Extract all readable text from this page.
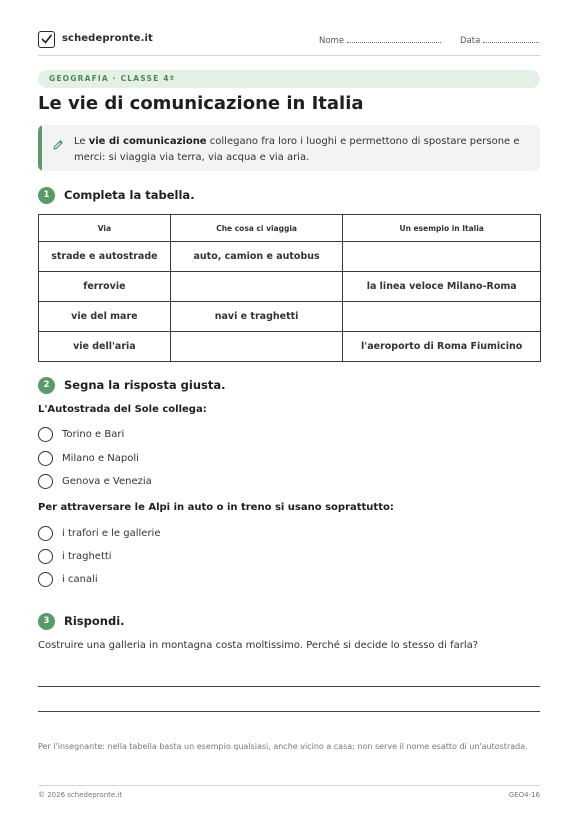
schedepronte.it	Nome	Data
GEOGRAFIA · CLASSE 4ª
Le vie di comunicazione in Italia

Le vie di comunicazione collegano fra loro i luoghi e permettono di spostare persone e merci: si viaggia via terra, via acqua e via aria.

1	Completa la tabella.
Via	Che cosa ci viaggia	Un esempio in Italia
strade e autostrade	auto, camion e autobus	
ferrovie		la linea veloce Milano-Roma
vie del mare	navi e traghetti	
vie dell'aria		l'aeroporto di Roma Fiumicino
2	Segna la risposta giusta.
L'Autostrada del Sole collega:
Torino e Bari
Milano e Napoli
Genova e Venezia
Per attraversare le Alpi in auto o in treno si usano soprattutto:
i trafori e le gallerie
i traghetti
i canali
3	Rispondi.
Costruire una galleria in montagna costa moltissimo. Perché si decide lo stesso di farla?
Per l'insegnante: nella tabella basta un esempio qualsiasi, anche vicino a casa; non serve il nome esatto di un'autostrada.
© 2026 schedepronte.it	GEO4-16
